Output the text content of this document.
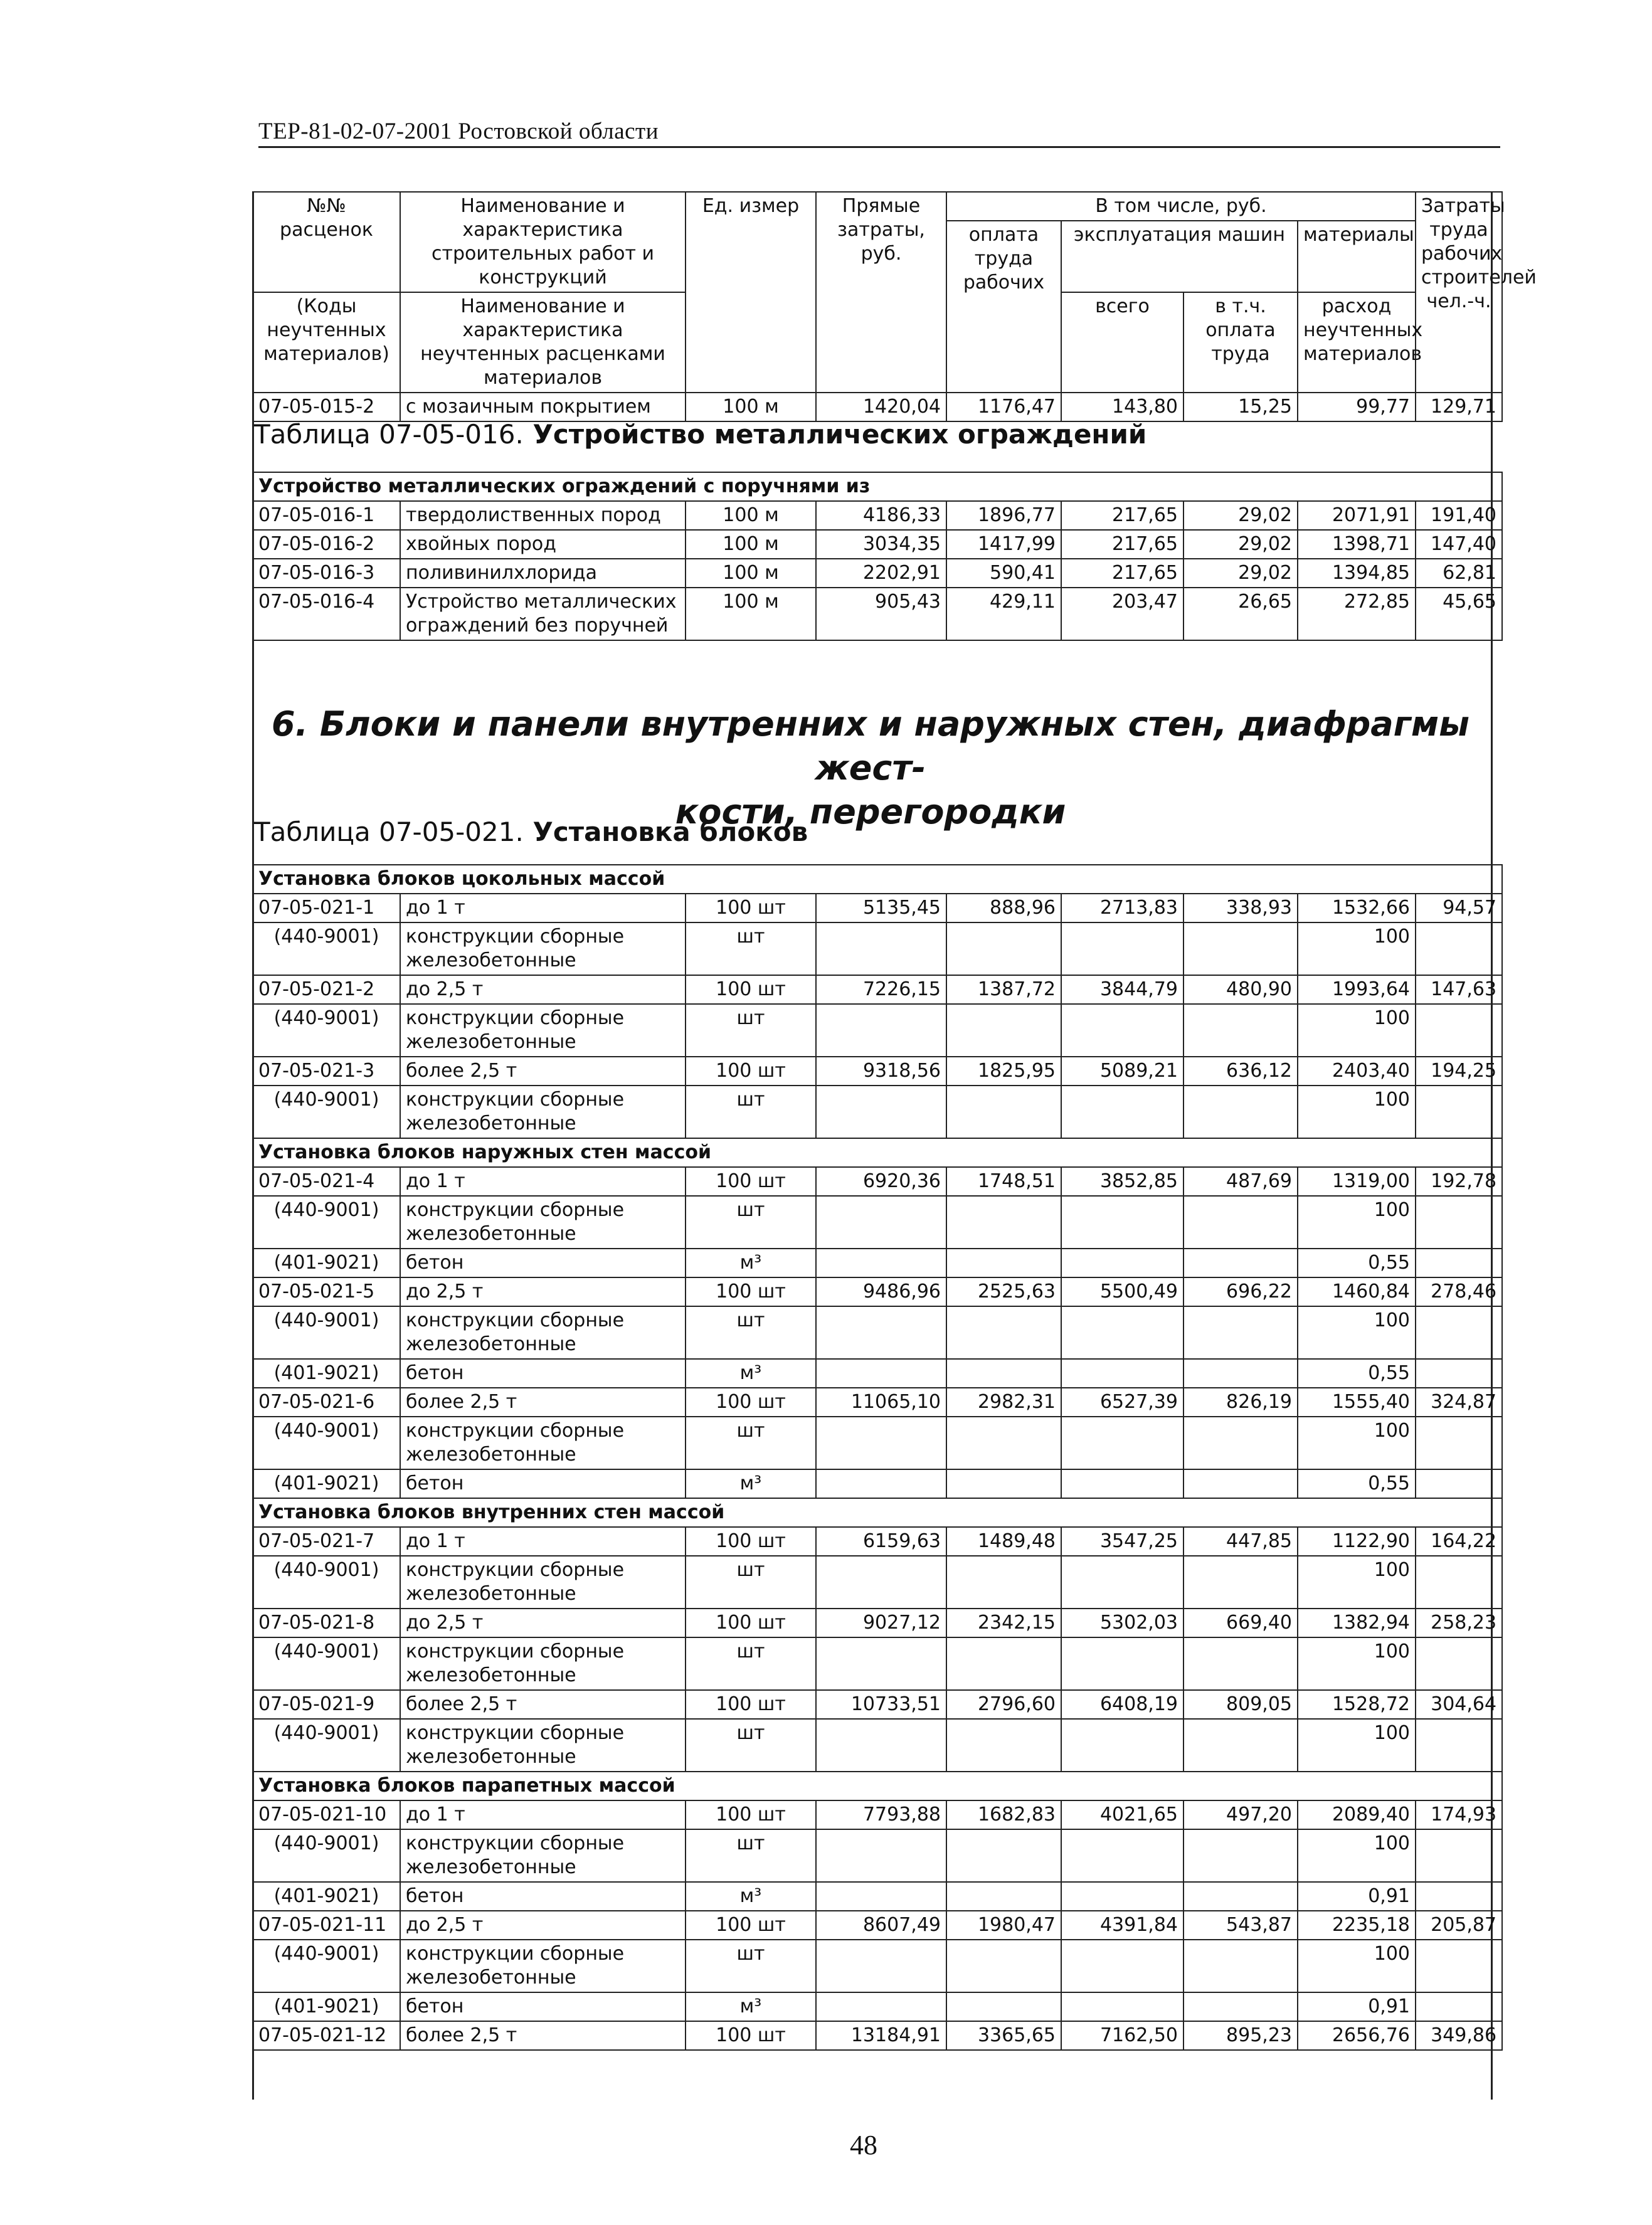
ТЕР-81-02-07-2001 Ростовской области
№№ расценок	Наименование и характеристика строительных работ и конструкций	Ед. измер	Прямые затраты, руб.	В том числе, руб.				Затраты труда рабочих строителей чел.-ч.
				оплата труда рабочих	эксплуатация машин		материалы	
(Коды неучтенных материалов)	Наименование и характеристика неучтенных расценками материалов				всего	в т.ч. оплата труда	расход неучтенных материалов	

07-05-015-2	с мозаичным покрытием	100 м	1420,04	1176,47	143,80	15,25	99,77	129,71
Таблица 07-05-016. Устройство металлических ограждений
Устройство металлических ограждений с поручнями из								
07-05-016-1	твердолиственных пород	100 м	4186,33	1896,77	217,65	29,02	2071,91	191,40
07-05-016-2	хвойных пород	100 м	3034,35	1417,99	217,65	29,02	1398,71	147,40
07-05-016-3	поливинилхлорида	100 м	2202,91	590,41	217,65	29,02	1394,85	62,81
07-05-016-4	Устройство металлических ограждений без поручней	100 м	905,43	429,11	203,47	26,65	272,85	45,65
6. Блоки и панели внутренних и наружных стен, диафрагмы жест-
кости, перегородки
Таблица 07-05-021. Установка блоков
Установка блоков цокольных массой								
07-05-021-1	до 1 т	100 шт	5135,45	888,96	2713,83	338,93	1532,66	94,57
(440-9001)	конструкции сборные железобетонные	шт					100	
07-05-021-2	до 2,5 т	100 шт	7226,15	1387,72	3844,79	480,90	1993,64	147,63
(440-9001)	конструкции сборные железобетонные	шт					100	
07-05-021-3	более 2,5 т	100 шт	9318,56	1825,95	5089,21	636,12	2403,40	194,25
(440-9001)	конструкции сборные железобетонные	шт					100	
Установка блоков наружных стен массой								
07-05-021-4	до 1 т	100 шт	6920,36	1748,51	3852,85	487,69	1319,00	192,78
(440-9001)	конструкции сборные железобетонные	шт					100	
(401-9021)	бетон	м³					0,55	
07-05-021-5	до 2,5 т	100 шт	9486,96	2525,63	5500,49	696,22	1460,84	278,46
(440-9001)	конструкции сборные железобетонные	шт					100	
(401-9021)	бетон	м³					0,55	
07-05-021-6	более 2,5 т	100 шт	11065,10	2982,31	6527,39	826,19	1555,40	324,87
(440-9001)	конструкции сборные железобетонные	шт					100	
(401-9021)	бетон	м³					0,55	
Установка блоков внутренних стен массой								
07-05-021-7	до 1 т	100 шт	6159,63	1489,48	3547,25	447,85	1122,90	164,22
(440-9001)	конструкции сборные железобетонные	шт					100	
07-05-021-8	до 2,5 т	100 шт	9027,12	2342,15	5302,03	669,40	1382,94	258,23
(440-9001)	конструкции сборные железобетонные	шт					100	
07-05-021-9	более 2,5 т	100 шт	10733,51	2796,60	6408,19	809,05	1528,72	304,64
(440-9001)	конструкции сборные железобетонные	шт					100	
Установка блоков парапетных массой								
07-05-021-10	до 1 т	100 шт	7793,88	1682,83	4021,65	497,20	2089,40	174,93
(440-9001)	конструкции сборные железобетонные	шт					100	
(401-9021)	бетон	м³					0,91	
07-05-021-11	до 2,5 т	100 шт	8607,49	1980,47	4391,84	543,87	2235,18	205,87
(440-9001)	конструкции сборные железобетонные	шт					100	
(401-9021)	бетон	м³					0,91	
07-05-021-12	более 2,5 т	100 шт	13184,91	3365,65	7162,50	895,23	2656,76	349,86
48
